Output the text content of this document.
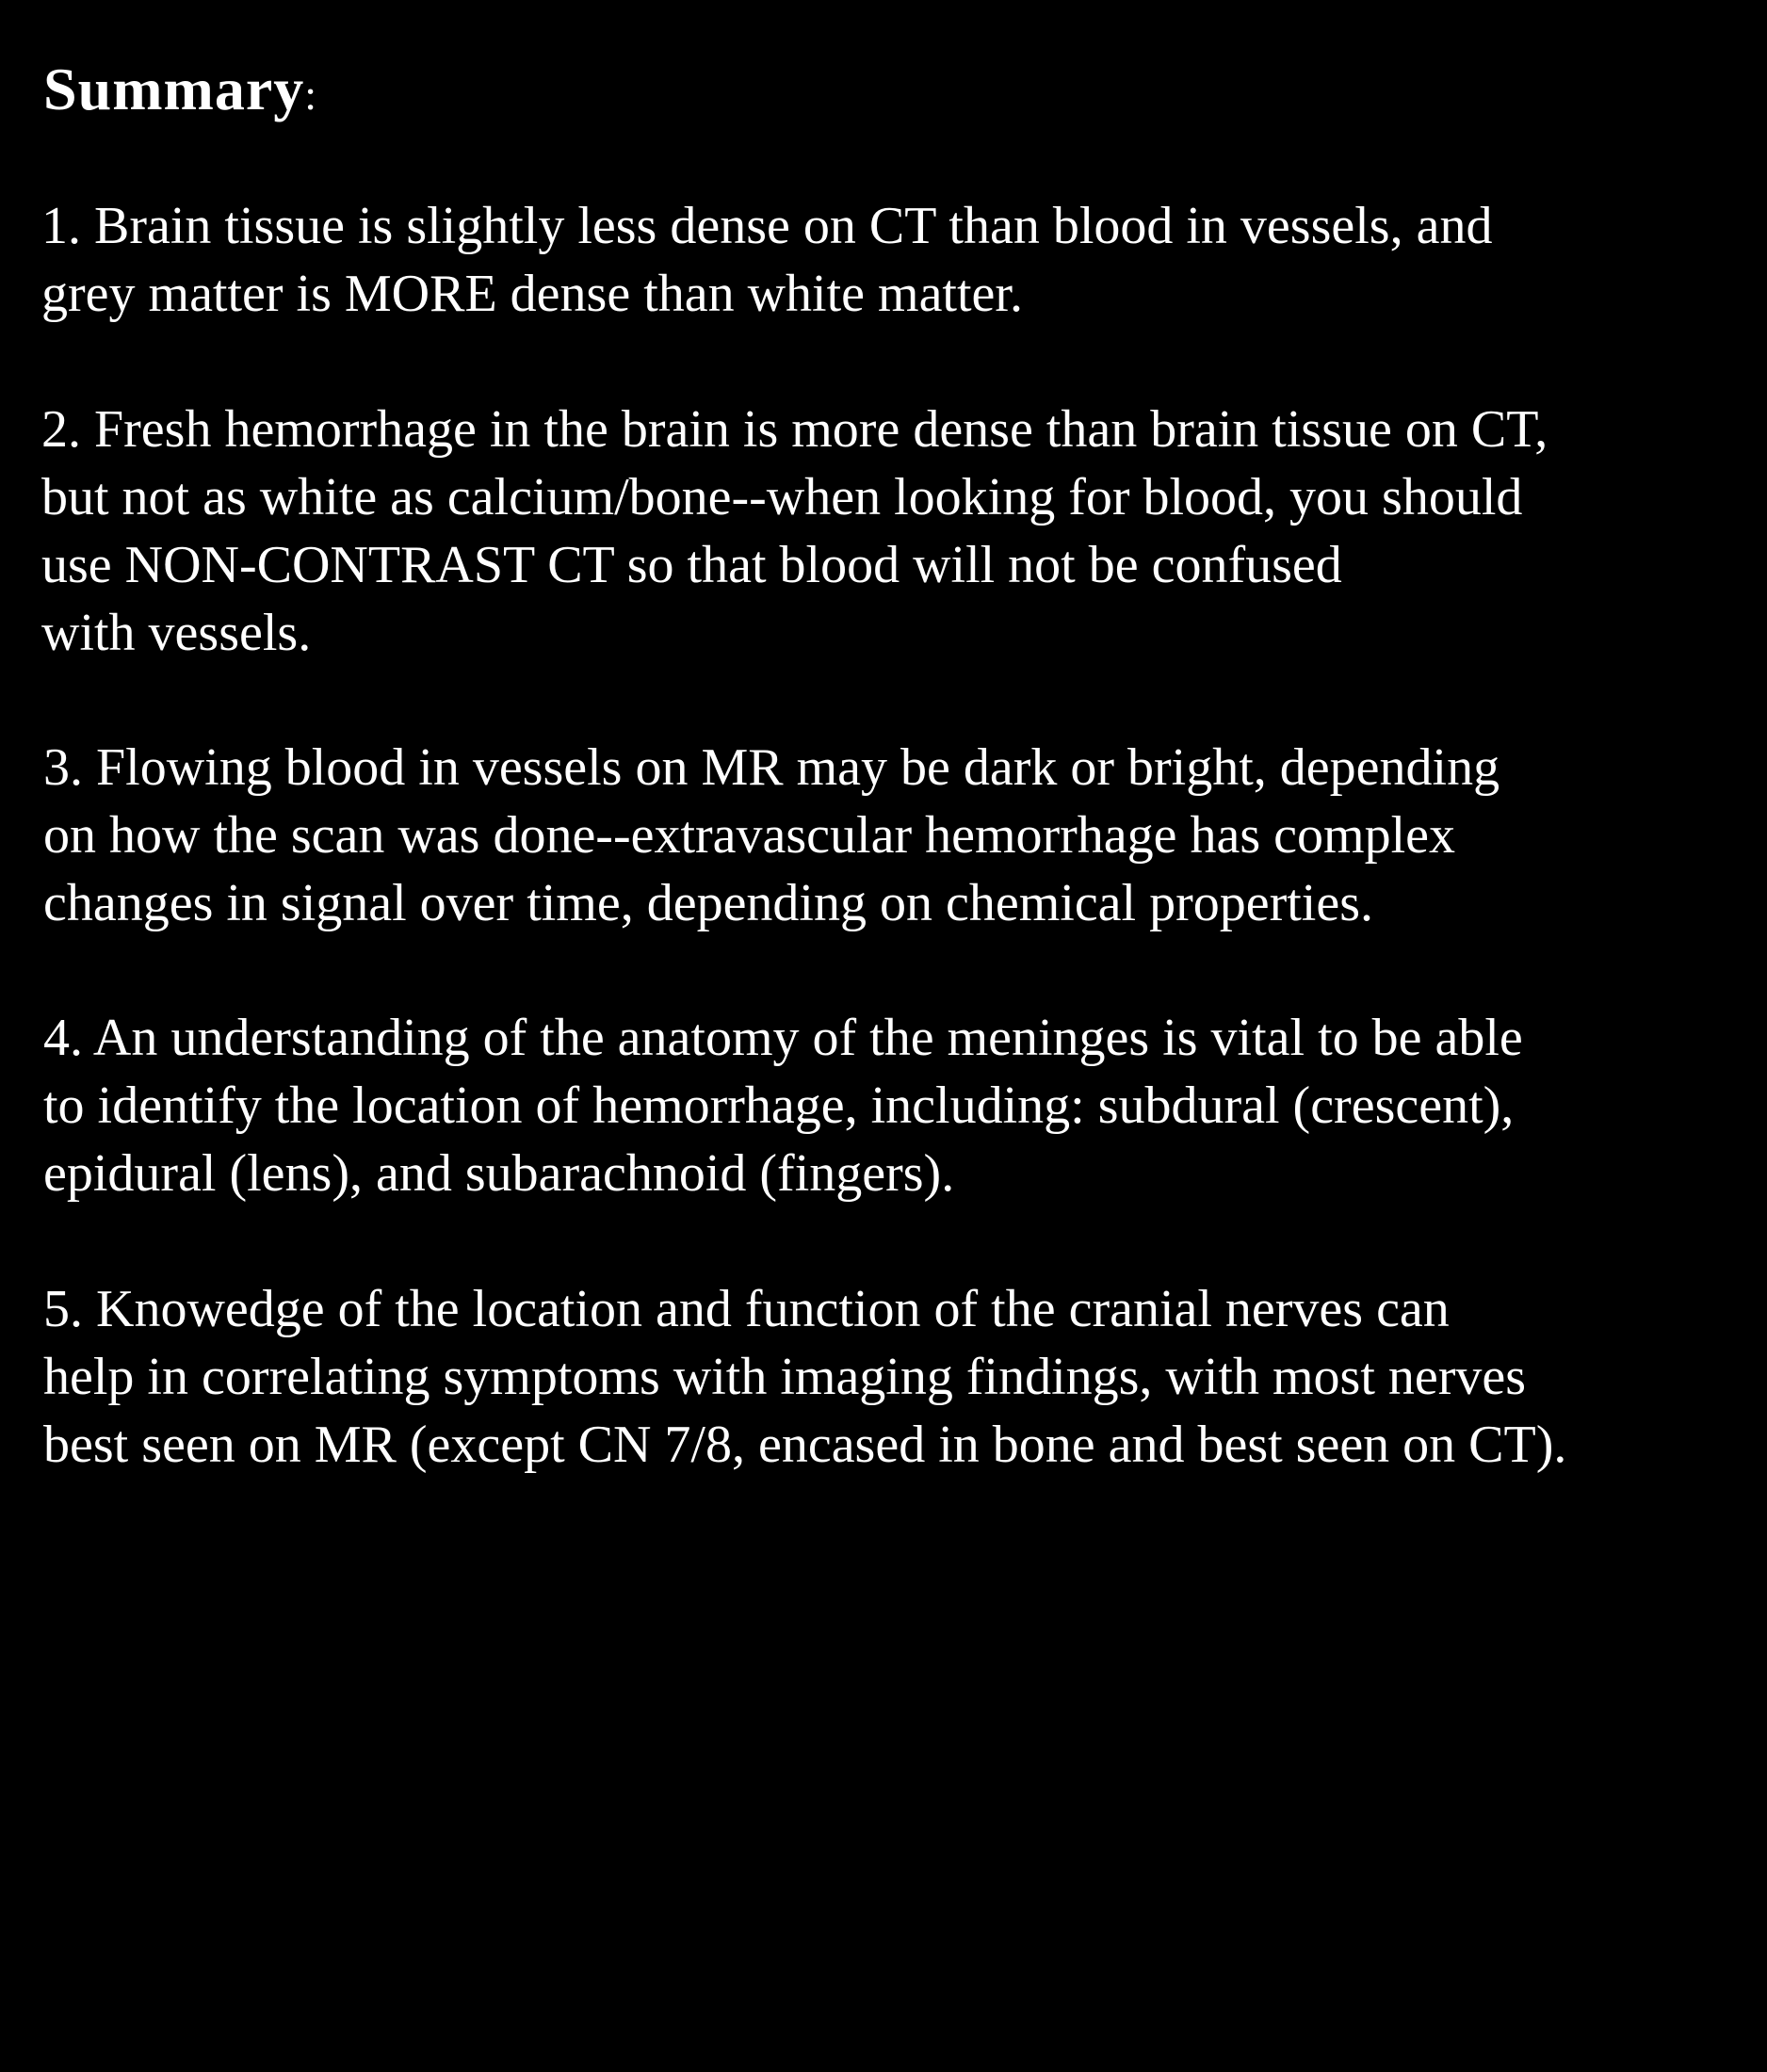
Summary:
1. Brain tissue is slightly less dense on CT than blood in vessels, and
grey matter is MORE dense than white matter.
2. Fresh hemorrhage in the brain is more dense than brain tissue on CT,
but not as white as calcium/bone--when looking for blood, you should
use NON-CONTRAST CT so that blood will not be confused
with vessels.
3. Flowing blood in vessels on MR may be dark or bright, depending
on how the scan was done--extravascular hemorrhage has complex
changes in signal over time, depending on chemical properties.
4. An understanding of the anatomy of the meninges is vital to be able
to identify the location of hemorrhage, including: subdural (crescent),
epidural (lens), and subarachnoid (fingers).
5. Knowedge of the location and function of the cranial nerves can
help in correlating symptoms with imaging findings, with most nerves
best seen on MR (except CN 7/8, encased in bone and best seen on CT).
